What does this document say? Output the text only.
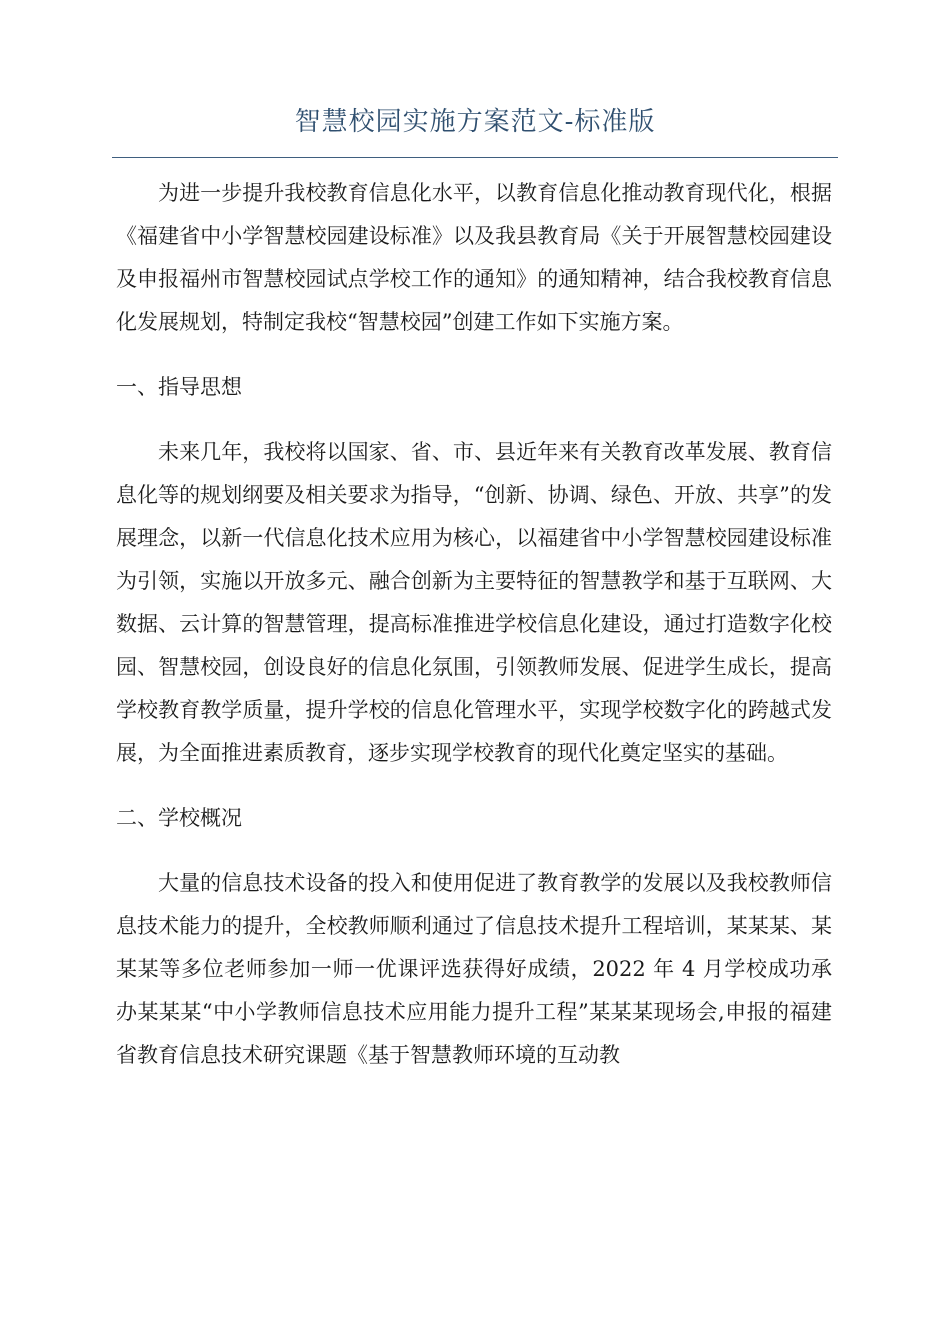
智慧校园实施方案范文-标准版

为进一步提升我校教育信息化水平，以教育信息化推动教育现代化，根据《福建省中小学智慧校园建设标准》以及我县教育局《关于开展智慧校园建设及申报福州市智慧校园试点学校工作的通知》的通知精神，结合我校教育信息化发展规划，特制定我校“智慧校园”创建工作如下实施方案。

一、指导思想

未来几年，我校将以国家、省、市、县近年来有关教育改革发展、教育信息化等的规划纲要及相关要求为指导，“创新、协调、绿色、开放、共享”的发展理念，以新一代信息化技术应用为核心，以福建省中小学智慧校园建设标准为引领，实施以开放多元、融合创新为主要特征的智慧教学和基于互联网、大数据、云计算的智慧管理，提高标准推进学校信息化建设，通过打造数字化校园、智慧校园，创设良好的信息化氛围，引领教师发展、促进学生成长，提高学校教育教学质量，提升学校的信息化管理水平，实现学校数字化的跨越式发展，为全面推进素质教育，逐步实现学校教育的现代化奠定坚实的基础。

二、学校概况

大量的信息技术设备的投入和使用促进了教育教学的发展以及我校教师信息技术能力的提升，全校教师顺利通过了信息技术提升工程培训，某某某、某某某等多位老师参加一师一优课评选获得好成绩，2022 年 4 月学校成功承办某某某“中小学教师信息技术应用能力提升工程”某某某现场会,申报的福建省教育信息技术研究课题《基于智慧教师环境的互动教
